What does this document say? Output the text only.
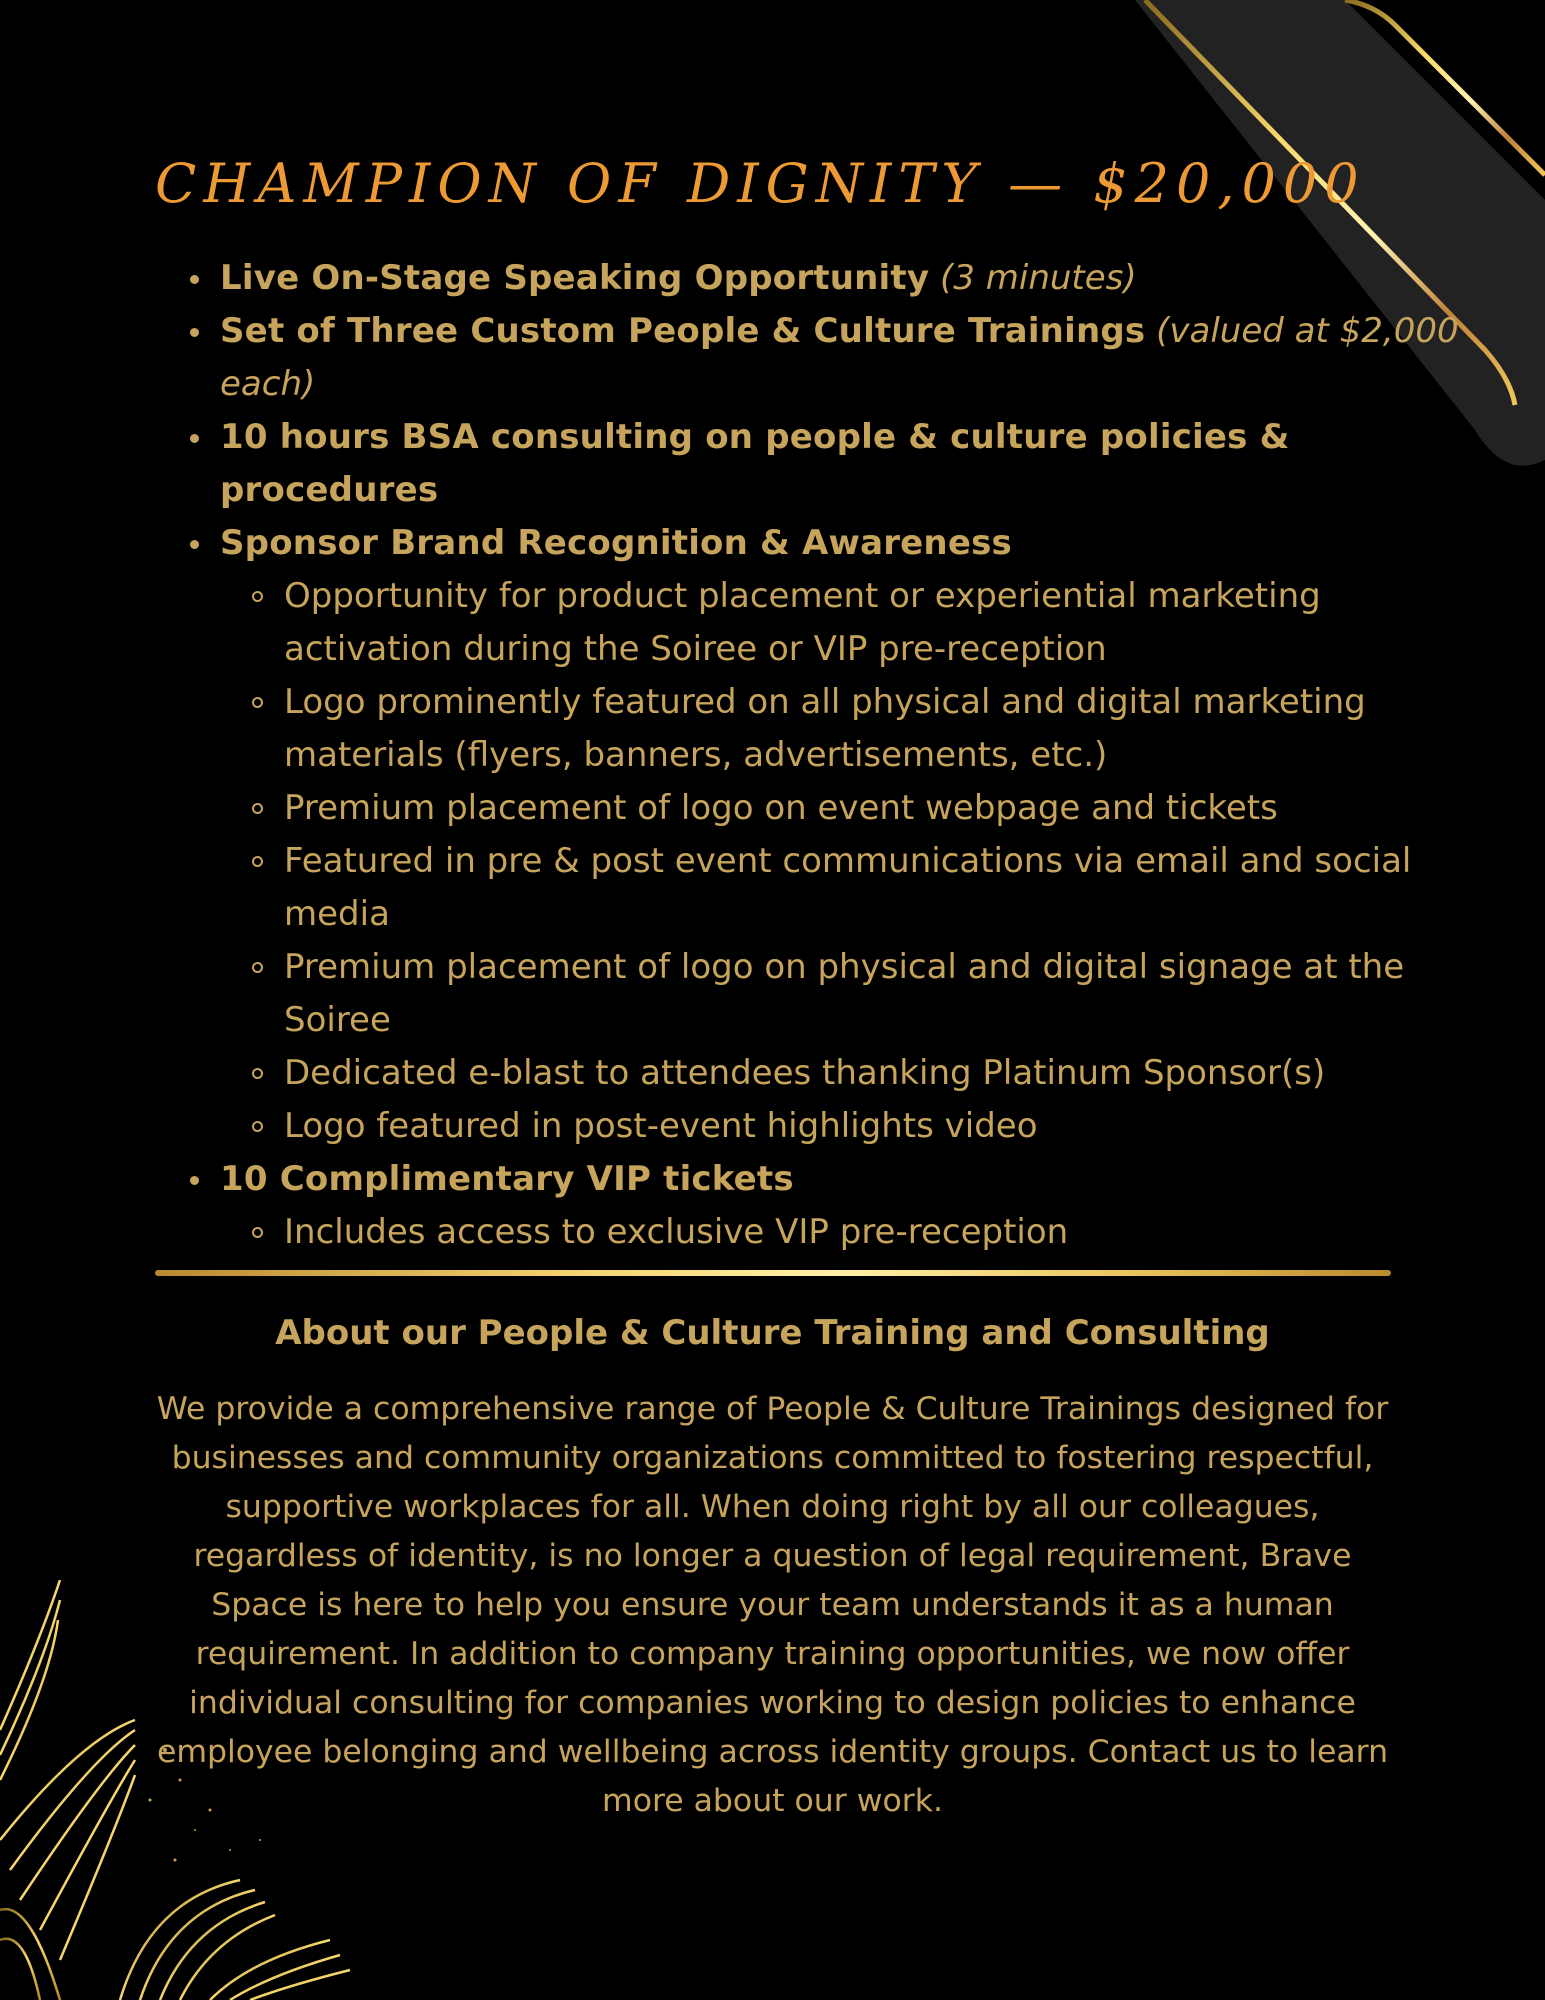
CHAMPION OF DIGNITY — $20,000
Live On-Stage Speaking Opportunity (3 minutes)
Set of Three Custom People & Culture Trainings (valued at $2,000 each)
10 hours BSA consulting on people & culture policies & procedures
Sponsor Brand Recognition & Awareness
Opportunity for product placement or experiential marketing activation during the Soiree or VIP pre-reception
Logo prominently featured on all physical and digital marketing materials (flyers, banners, advertisements, etc.)
Premium placement of logo on event webpage and tickets
Featured in pre & post event communications via email and social media
Premium placement of logo on physical and digital signage at the Soiree
Dedicated e-blast to attendees thanking Platinum Sponsor(s)
Logo featured in post-event highlights video
10 Complimentary VIP tickets
Includes access to exclusive VIP pre-reception
About our People & Culture Training and Consulting

We provide a comprehensive range of People & Culture Trainings designed for businesses and community organizations committed to fostering respectful, supportive workplaces for all. When doing right by all our colleagues, regardless of identity, is no longer a question of legal requirement, Brave Space is here to help you ensure your team understands it as a human requirement. In addition to company training opportunities, we now offer individual consulting for companies working to design policies to enhance employee belonging and wellbeing across identity groups. Contact us to learn more about our work.
